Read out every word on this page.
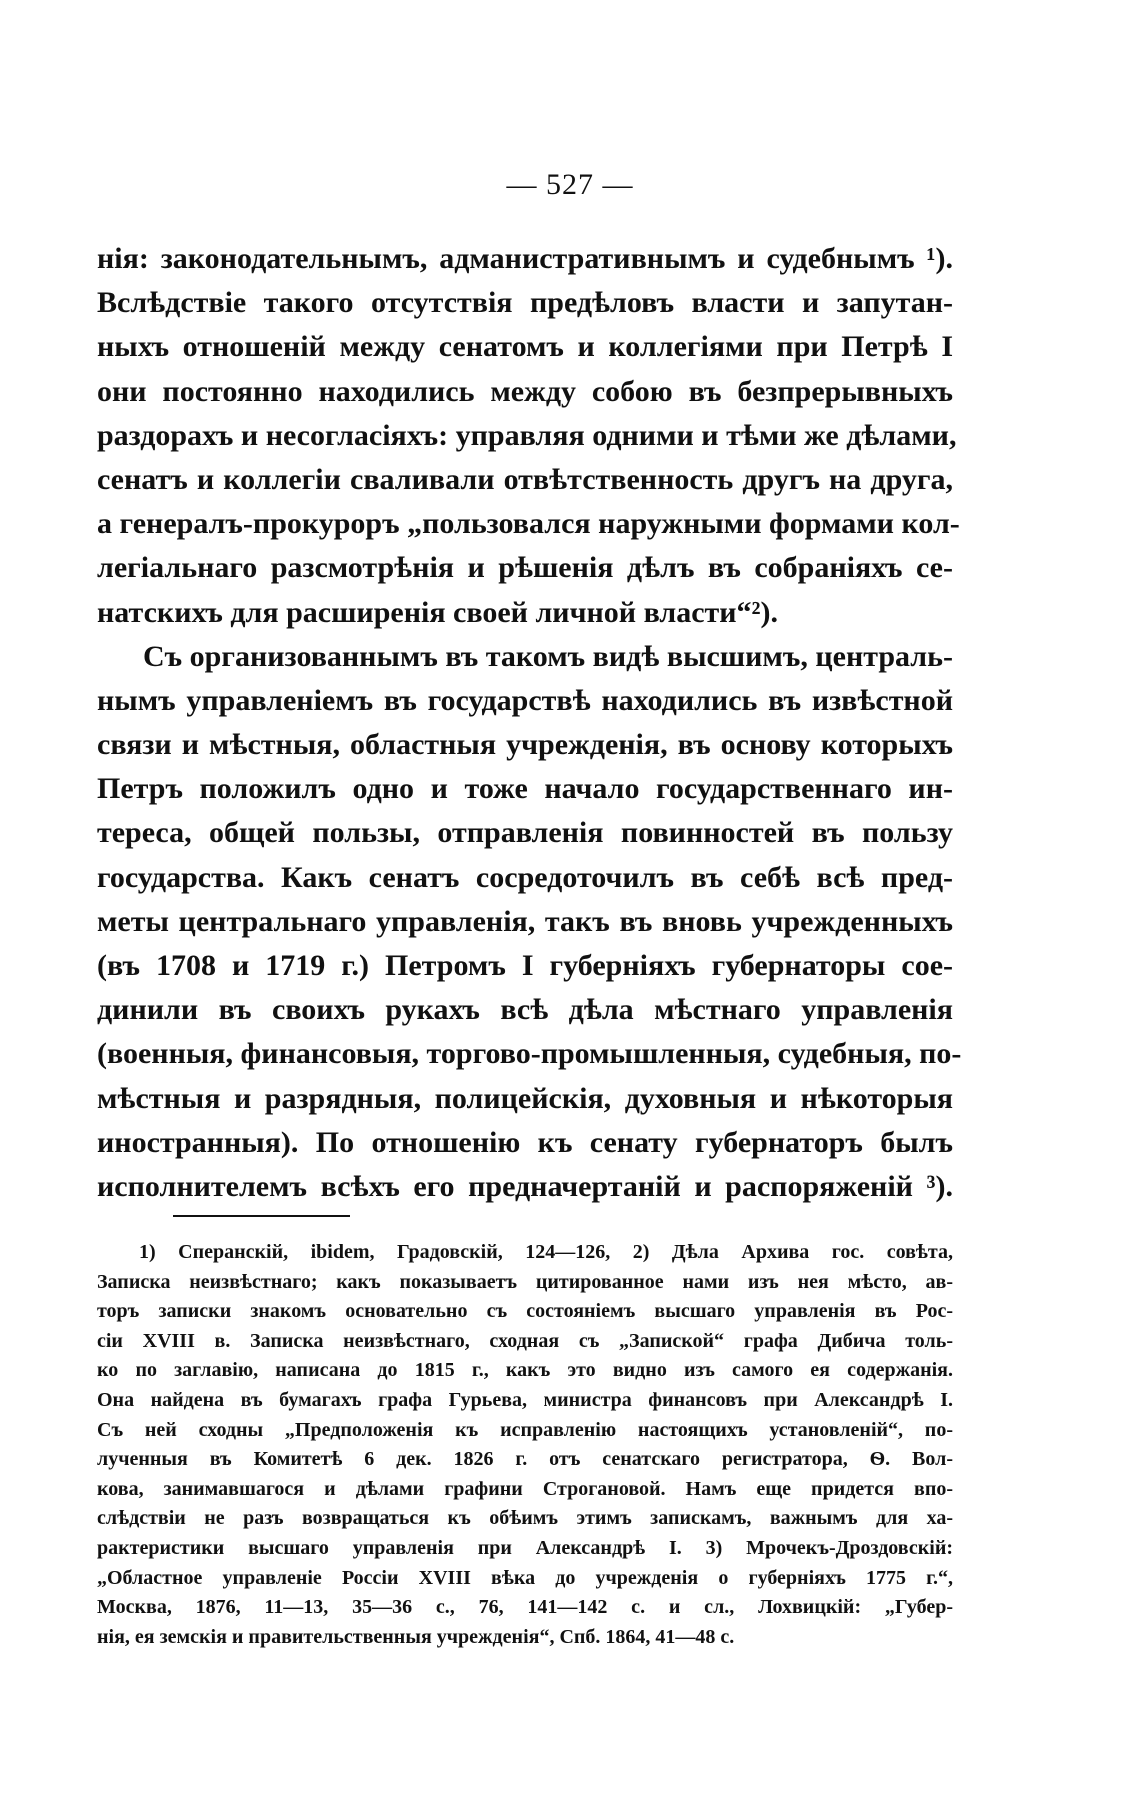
— 527 —
нія: законодательнымъ, адманистративнымъ и судебнымъ ¹).
Вслѣдствіе такого отсутствія предѣловъ власти и запутан-
ныхъ отношеній между сенатомъ и коллегіями при Петрѣ I
они постоянно находились между собою въ безпрерывныхъ
раздорахъ и несогласіяхъ: управляя одними и тѣми же дѣлами,
сенатъ и коллегіи сваливали отвѣтственность другъ на друга,
а генералъ-прокуроръ „пользовался наружными формами кол-
легіальнаго разсмотрѣнія и рѣшенія дѣлъ въ собраніяхъ се-
натскихъ для расширенія своей личной власти“²).
Съ организованнымъ въ такомъ видѣ высшимъ, централь-
нымъ управленіемъ въ государствѣ находились въ извѣстной
связи и мѣстныя, областныя учрежденія, въ основу которыхъ
Петръ положилъ одно и тоже начало государственнаго ин-
тереса, общей пользы, отправленія повинностей въ пользу
государства. Какъ сенатъ сосредоточилъ въ себѣ всѣ пред-
меты центральнаго управленія, такъ въ вновь учрежденныхъ
(въ 1708 и 1719 г.) Петромъ I губерніяхъ губернаторы сое-
динили въ своихъ рукахъ всѣ дѣла мѣстнаго управленія
(военныя, финансовыя, торгово-промышленныя, судебныя, по-
мѣстныя и разрядныя, полицейскія, духовныя и нѣкоторыя
иностранныя). По отношенію къ сенату губернаторъ былъ
исполнителемъ всѣхъ его предначертаній и распоряженій ³).
1) Сперанскій, ibidem, Градовскій, 124—126, 2) Дѣла Архива гос. совѣта,
Записка неизвѣстнаго; какъ показываетъ цитированное нами изъ нея мѣсто, ав-
торъ записки знакомъ основательно съ состояніемъ высшаго управленія въ Рос-
сіи XVIII в. Записка неизвѣстнаго, сходная съ „Запиской“ графа Дибича толь-
ко по заглавію, написана до 1815 г., какъ это видно изъ самого ея содержанія.
Она найдена въ бумагахъ графа Гурьева, министра финансовъ при Александрѣ I.
Съ ней сходны „Предположенія къ исправленію настоящихъ установленій“, по-
лученныя въ Комитетѣ 6 дек. 1826 г. отъ сенатскаго регистратора, Ѳ. Вол-
кова, занимавшагося и дѣлами графини Строгановой. Намъ еще придется впо-
слѣдствіи не разъ возвращаться къ обѣимъ этимъ запискамъ, важнымъ для ха-
рактеристики высшаго управленія при Александрѣ I. 3) Мрочекъ-Дроздовскій:
„Областное управленіе Россіи XVIII вѣка до учрежденія о губерніяхъ 1775 г.“,
Москва, 1876, 11—13, 35—36 с., 76, 141—142 с. и сл., Лохвицкій: „Губер-
нія, ея земскія и правительственныя учрежденія“, Спб. 1864, 41—48 с.
